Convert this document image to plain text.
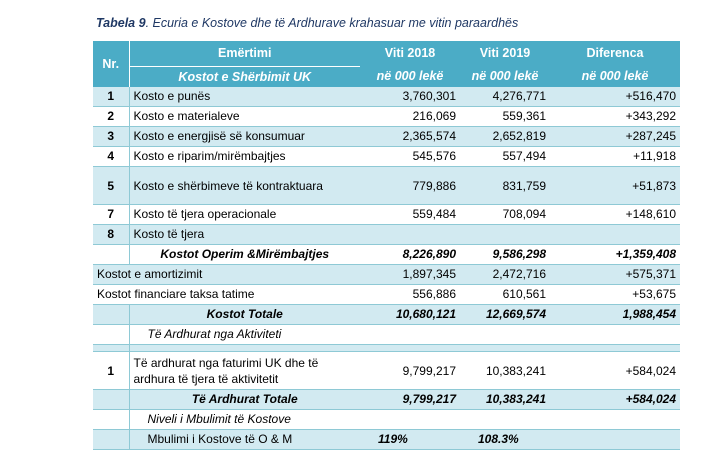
Tabela 9. Ecuria e Kostove dhe të Ardhurave krahasuar me vitin paraardhës
Nr.	Emërtimi	Viti 2018	Viti 2019	Diferenca
	Kostot e Shërbimit UK	në 000 lekë	në 000 lekë	në 000 lekë
1	Kosto e punës	3,760,301	4,276,771	+516,470
2	Kosto e materialeve	216,069	559,361	+343,292
3	Kosto e energjisë së konsumuar	2,365,574	2,652,819	+287,245
4	Kosto e riparim/mirëmbajtjes	545,576	557,494	+11,918
5	Kosto e shërbimeve të kontraktuara	779,886	831,759	+51,873
7	Kosto të tjera operacionale	559,484	708,094	+148,610
8	Kosto të tjera			
	Kostot Operim &Mirëmbajtjes	8,226,890	9,586,298	+1,359,408
Kostot e amortizimit		1,897,345	2,472,716	+575,371
Kostot financiare taksa tatime		556,886	610,561	+53,675
	Kostot Totale	10,680,121	12,669,574	1,988,454
	Të Ardhurat nga Aktiviteti			

1	Të ardhurat nga faturimi UK dhe të ardhura të tjera të aktivitetit	9,799,217	10,383,241	+584,024
	Të Ardhurat Totale	9,799,217	10,383,241	+584,024
	Niveli i Mbulimit të Kostove			
	Mbulimi i Kostove të O & M	119%	108.3%	
